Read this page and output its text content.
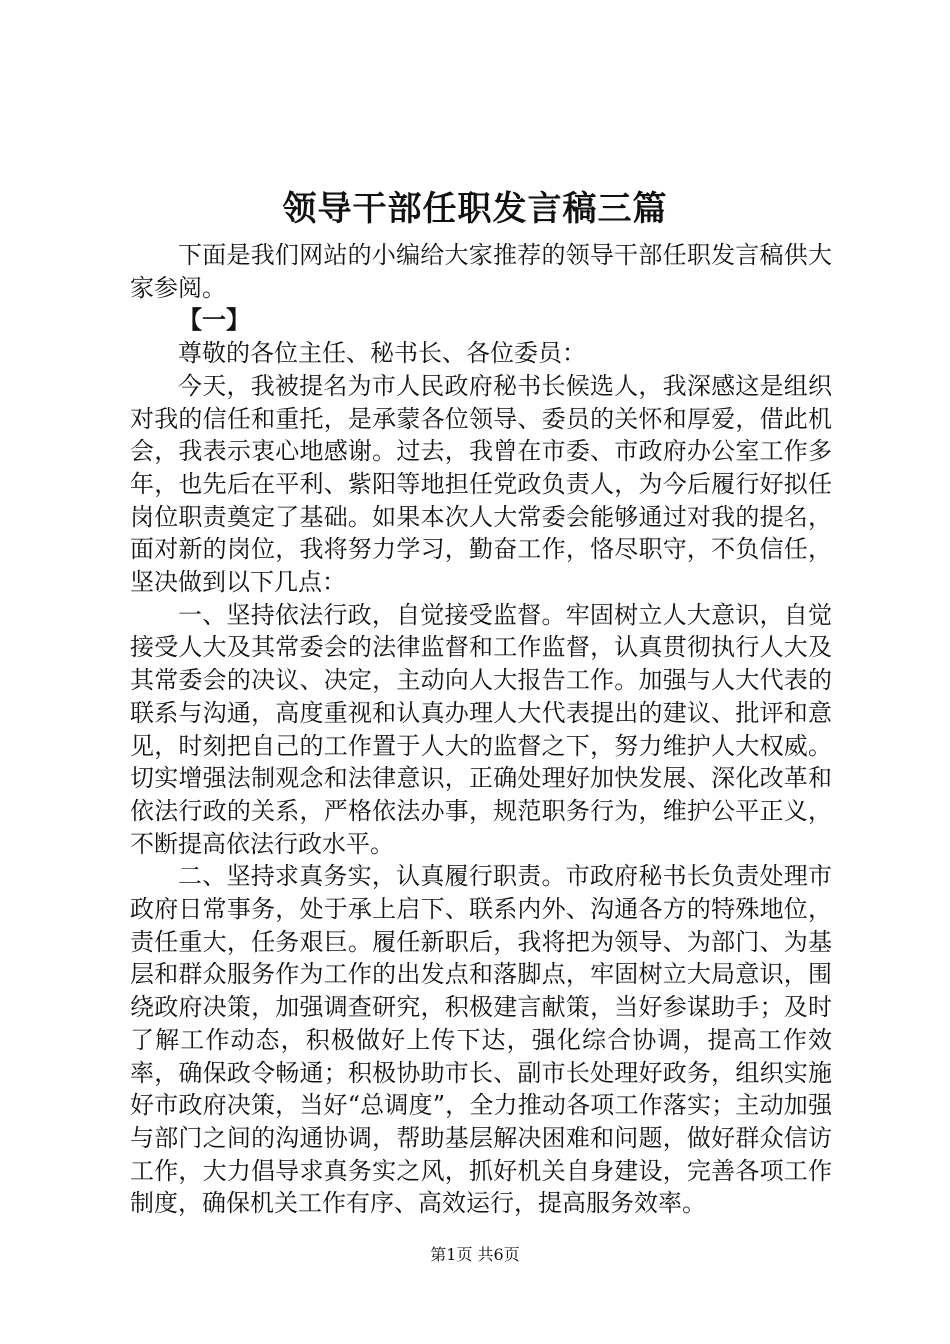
领导干部任职发言稿三篇

下面是我们网站的小编给大家推荐的领导干部任职发言稿供大家参阅。

【一】

尊敬的各位主任、秘书长、各位委员：

今天，我被提名为市人民政府秘书长候选人，我深感这是组织对我的信任和重托，是承蒙各位领导、委员的关怀和厚爱，借此机会，我表示衷心地感谢。过去，我曾在市委、市政府办公室工作多年，也先后在平利、紫阳等地担任党政负责人，为今后履行好拟任岗位职责奠定了基础。如果本次人大常委会能够通过对我的提名，面对新的岗位，我将努力学习，勤奋工作，恪尽职守，不负信任，坚决做到以下几点：

一、坚持依法行政，自觉接受监督。牢固树立人大意识，自觉接受人大及其常委会的法律监督和工作监督，认真贯彻执行人大及其常委会的决议、决定，主动向人大报告工作。加强与人大代表的联系与沟通，高度重视和认真办理人大代表提出的建议、批评和意见，时刻把自己的工作置于人大的监督之下，努力维护人大权威。切实增强法制观念和法律意识，正确处理好加快发展、深化改革和依法行政的关系，严格依法办事，规范职务行为，维护公平正义，不断提高依法行政水平。

二、坚持求真务实，认真履行职责。市政府秘书长负责处理市政府日常事务，处于承上启下、联系内外、沟通各方的特殊地位，责任重大，任务艰巨。履任新职后，我将把为领导、为部门、为基层和群众服务作为工作的出发点和落脚点，牢固树立大局意识，围绕政府决策，加强调查研究，积极建言献策，当好参谋助手；及时了解工作动态，积极做好上传下达，强化综合协调，提高工作效率，确保政令畅通；积极协助市长、副市长处理好政务，组织实施好市政府决策，当好“总调度”，全力推动各项工作落实；主动加强与部门之间的沟通协调，帮助基层解决困难和问题，做好群众信访工作，大力倡导求真务实之风，抓好机关自身建设，完善各项工作制度，确保机关工作有序、高效运行，提高服务效率。

第1页 共6页
